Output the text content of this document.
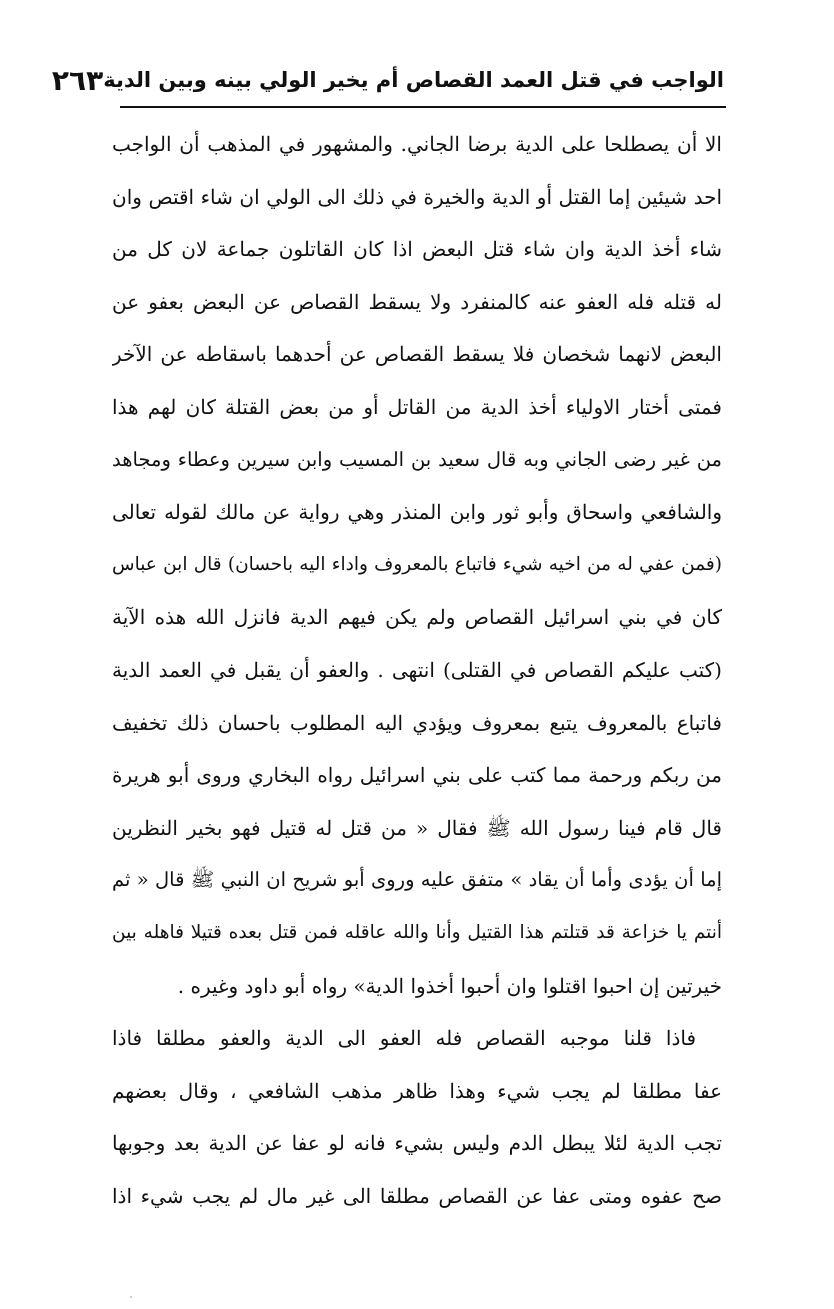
الواجب في قتل العمد القصاص أم يخير الولي بينه وبين الدية
٢٦٣
الا أن يصطلحا على الدية برضا الجاني. والمشهور في المذهب أن الواجب
احد شيئين إما القتل أو الدية والخيرة في ذلك الى الولي ان شاء اقتص وان
شاء أخذ الدية وان شاء قتل البعض اذا كان القاتلون جماعة لان كل من
له قتله فله العفو عنه كالمنفرد ولا يسقط القصاص عن البعض بعفو عن
البعض لانهما شخصان فلا يسقط القصاص عن أحدهما باسقاطه عن الآخر
فمتى أختار الاولياء أخذ الدية من القاتل أو من بعض القتلة كان لهم هذا
من غير رضى الجاني وبه قال سعيد بن المسيب وابن سيرين وعطاء ومجاهد
والشافعي واسحاق وأبو ثور وابن المنذر وهي رواية عن مالك لقوله تعالى
(فمن عفي له من اخيه شيء فاتباع بالمعروف واداء اليه باحسان) قال ابن عباس
كان في بني اسرائيل القصاص ولم يكن فيهم الدية فانزل الله هذه الآية
(كتب عليكم القصاص في القتلى) انتهى . والعفو أن يقبل في العمد الدية
فاتباع بالمعروف يتبع بمعروف ويؤدي اليه المطلوب باحسان ذلك تخفيف
من ربكم ورحمة مما كتب على بني اسرائيل رواه البخاري وروى أبو هريرة
قال قام فينا رسول الله ﷺ فقال « من قتل له قتيل فهو بخير النظرين
إما أن يؤدى وأما أن يقاد » متفق عليه وروى أبو شريح ان النبي ﷺ قال « ثم
أنتم يا خزاعة قد قتلتم هذا القتيل وأنا والله عاقله فمن قتل بعده قتيلا فاهله بين
خيرتين إن احبوا اقتلوا وان أحبوا أخذوا الدية» رواه أبو داود وغيره .
فاذا قلنا موجبه القصاص فله العفو الى الدية والعفو مطلقا فاذا
عفا مطلقا لم يجب شيء وهذا ظاهر مذهب الشافعي ، وقال بعضهم
تجب الدية لئلا يبطل الدم وليس بشيء فانه لو عفا عن الدية بعد وجوبها
صح عفوه ومتى عفا عن القصاص مطلقا الى غير مال لم يجب شيء اذا
